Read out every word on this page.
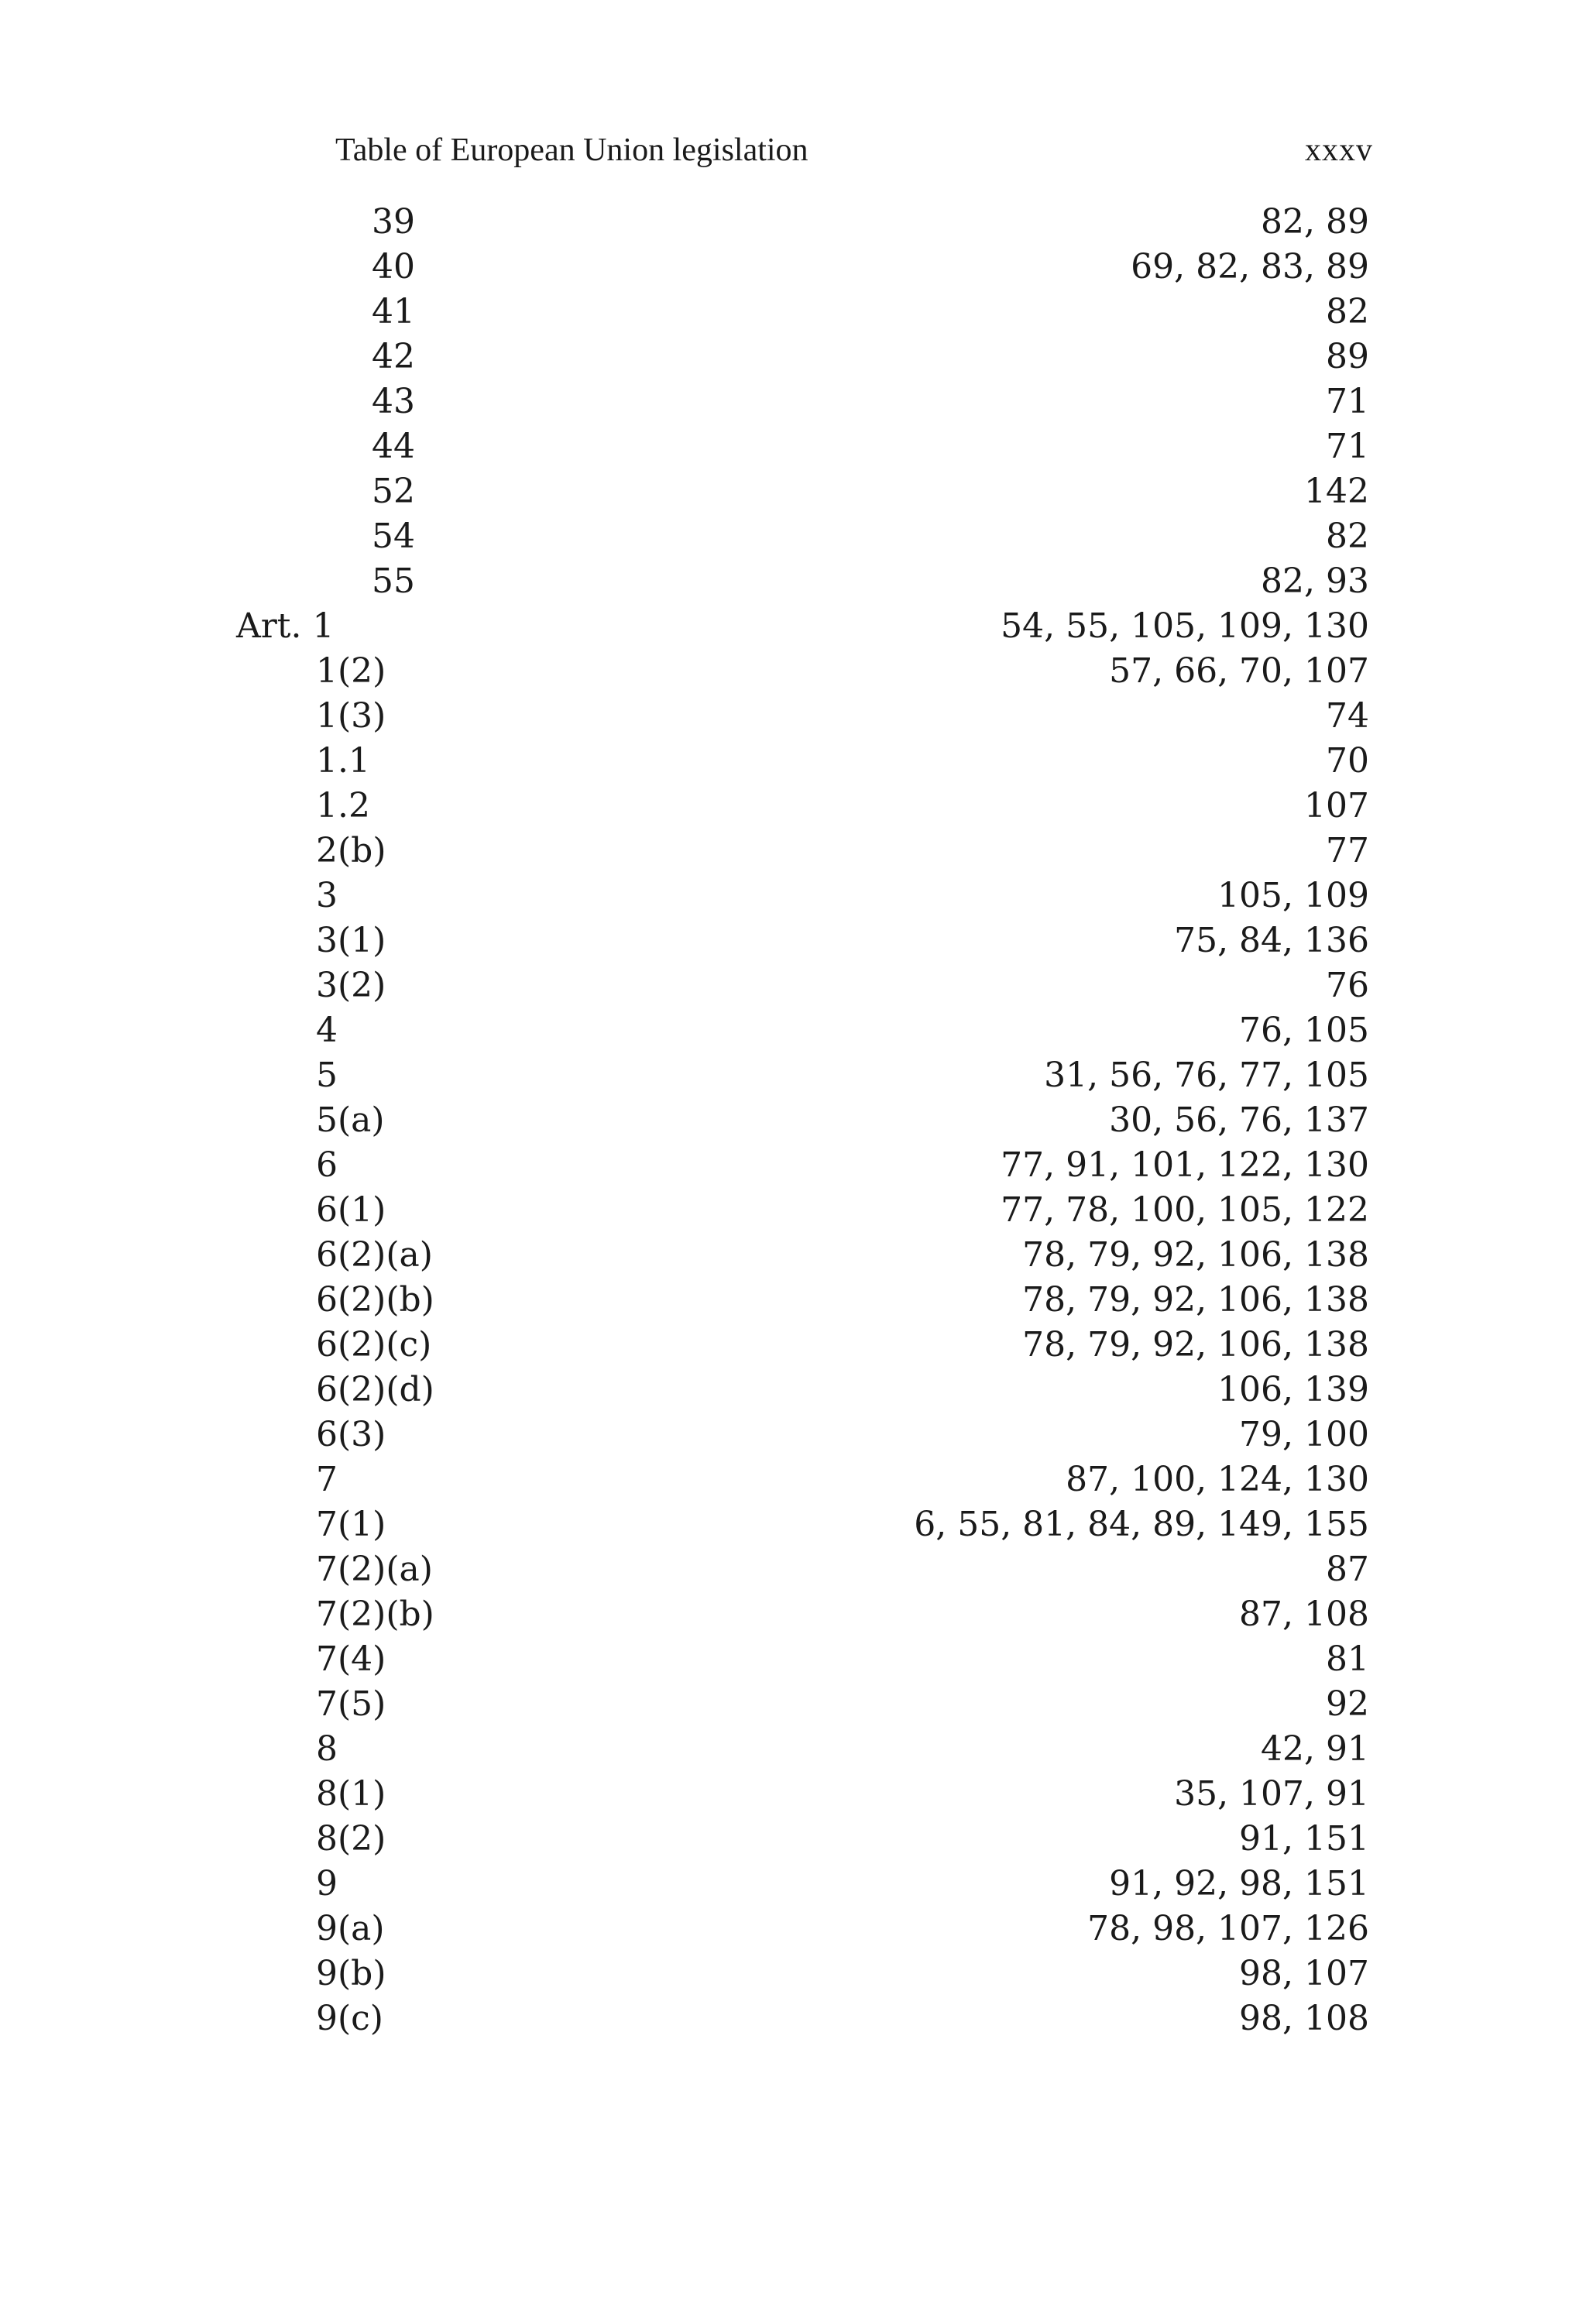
Table of European Union legislation	xxxv
39	82, 89
40	69, 82, 83, 89
41	82
42	89
43	71
44	71
52	142
54	82
55	82, 93
Art. 1	54, 55, 105, 109, 130
1(2)	57, 66, 70, 107
1(3)	74
1.1	70
1.2	107
2(b)	77
3	105, 109
3(1)	75, 84, 136
3(2)	76
4	76, 105
5	31, 56, 76, 77, 105
5(a)	30, 56, 76, 137
6	77, 91, 101, 122, 130
6(1)	77, 78, 100, 105, 122
6(2)(a)	78, 79, 92, 106, 138
6(2)(b)	78, 79, 92, 106, 138
6(2)(c)	78, 79, 92, 106, 138
6(2)(d)	106, 139
6(3)	79, 100
7	87, 100, 124, 130
7(1)	6, 55, 81, 84, 89, 149, 155
7(2)(a)	87
7(2)(b)	87, 108
7(4)	81
7(5)	92
8	42, 91
8(1)	35, 107, 91
8(2)	91, 151
9	91, 92, 98, 151
9(a)	78, 98, 107, 126
9(b)	98, 107
9(c)	98, 108
